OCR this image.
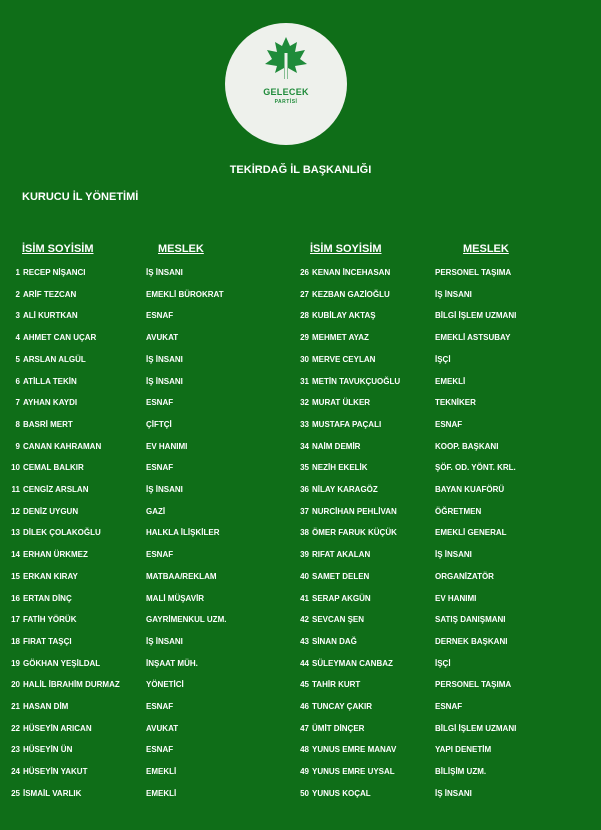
GELECEK
PARTİSİ
TEKİRDAĞ İL BAŞKANLIĞI
KURUCU İL YÖNETİMİ
İSİM SOYİSİM	MESLEK	İSİM SOYİSİM	MESLEK
1 RECEP NİŞANCI	İŞ İNSANI
2 ARİF TEZCAN	EMEKLİ BÜROKRAT
3 ALİ KURTKAN	ESNAF
4 AHMET CAN UÇAR	AVUKAT
5 ARSLAN ALGÜL	İŞ İNSANI
6 ATİLLA TEKİN	İŞ İNSANI
7 AYHAN KAYDI	ESNAF
8 BASRİ MERT	ÇİFTÇİ
9 CANAN KAHRAMAN	EV HANIMI
10 CEMAL BALKIR	ESNAF
11 CENGİZ ARSLAN	İŞ İNSANI
12 DENİZ UYGUN	GAZİ
13 DİLEK ÇOLAKOĞLU	HALKLA İLİŞKİLER
14 ERHAN ÜRKMEZ	ESNAF
15 ERKAN KIRAY	MATBAA/REKLAM
16 ERTAN DİNÇ	MALİ MÜŞAVİR
17 FATİH YÖRÜK	GAYRİMENKUL UZM.
18 FIRAT TAŞÇI	İŞ İNSANI
19 GÖKHAN YEŞİLDAL	İNŞAAT MÜH.
20 HALİL İBRAHİM DURMAZ	YÖNETİCİ
21 HASAN DİM	ESNAF
22 HÜSEYİN ARICAN	AVUKAT
23 HÜSEYİN ÜN	ESNAF
24 HÜSEYİN YAKUT	EMEKLİ
25 İSMAİL VARLIK	EMEKLİ
26 KENAN İNCEHASAN	PERSONEL TAŞIMA
27 KEZBAN GAZİOĞLU	İŞ İNSANI
28 KUBİLAY AKTAŞ	BİLGİ İŞLEM UZMANI
29 MEHMET AYAZ	EMEKLİ ASTSUBAY
30 MERVE CEYLAN	İŞÇİ
31 METİN TAVUKÇUOĞLU	EMEKLİ
32 MURAT ÜLKER	TEKNİKER
33 MUSTAFA PAÇALI	ESNAF
34 NAİM DEMİR	KOOP. BAŞKANI
35 NEZİH EKELİK	ŞÖF. OD. YÖNT. KRL.
36 NİLAY KARAGÖZ	BAYAN KUAFÖRÜ
37 NURCİHAN PEHLİVAN	ÖĞRETMEN
38 ÖMER FARUK KÜÇÜK	EMEKLİ GENERAL
39 RIFAT AKALAN	İŞ İNSANI
40 SAMET DELEN	ORGANİZATÖR
41 SERAP AKGÜN	EV HANIMI
42 SEVCAN ŞEN	SATIŞ DANIŞMANI
43 SİNAN DAĞ	DERNEK BAŞKANI
44 SÜLEYMAN CANBAZ	İŞÇİ
45 TAHİR KURT	PERSONEL TAŞIMA
46 TUNCAY ÇAKIR	ESNAF
47 ÜMİT DİNÇER	BİLGİ İŞLEM UZMANI
48 YUNUS EMRE MANAV	YAPI DENETİM
49 YUNUS EMRE UYSAL	BİLİŞİM UZM.
50 YUNUS KOÇAL	İŞ İNSANI
